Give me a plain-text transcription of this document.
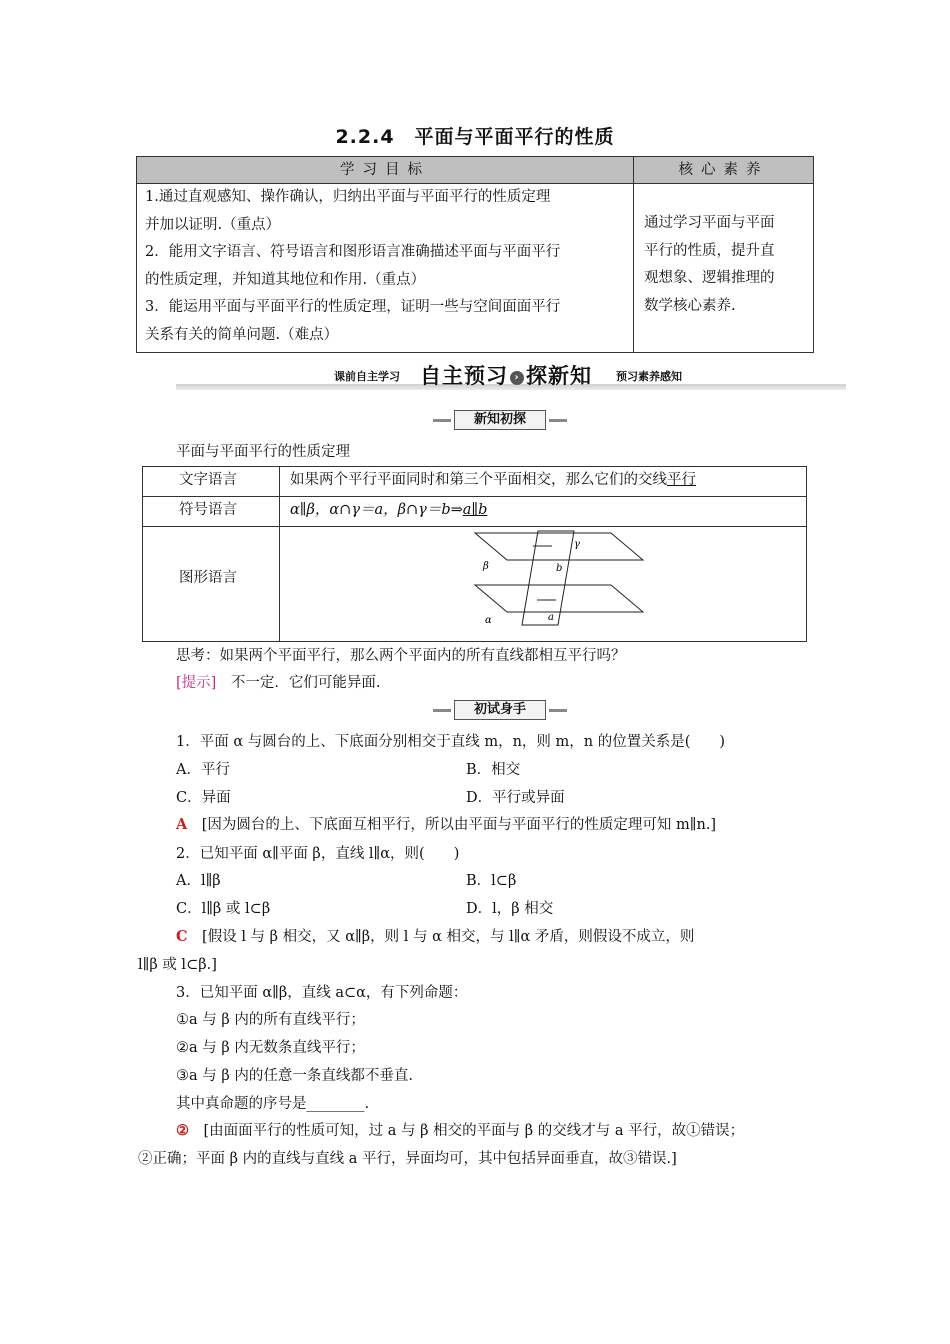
2.2.4　平面与平面平行的性质
学习目标	核心素养
1.通过直观感知、操作确认，归纳出平面与平面平行的性质定理
并加以证明.（重点）
2．能用文字语言、符号语言和图形语言准确描述平面与平面平行
的性质定理，并知道其地位和作用.（重点）
3．能运用平面与平面平行的性质定理，证明一些与空间面面平行
关系有关的简单问题.（难点）
通过学习平面与平面
平行的性质，提升直
观想象、逻辑推理的
数学核心素养.
课前自主学习 自主预习 › 探新知 预习素养感知
新知初探
平面与平面平行的性质定理
文字语言	如果两个平行平面同时和第三个平面相交，那么它们的交线平行
符号语言	α∥β，α∩γ＝a，β∩γ＝b⇒a∥b
图形语言
β
α
γ
b
a
思考：如果两个平面平行，那么两个平面内的所有直线都相互平行吗？
[提示]　 不一定．它们可能异面.
初试身手
1．平面 α 与圆台的上、下底面分别相交于直线 m，n，则 m，n 的位置关系是(　　)
A．平行	B．相交
C．异面	D．平行或异面
A　 [因为圆台的上、下底面互相平行，所以由平面与平面平行的性质定理可知 m∥n.]
2．已知平面 α∥平面 β，直线 l∥α，则(　　)
A．l∥β	B．l⊂β
C．l∥β 或 l⊂β	D．l，β 相交
C　 [假设 l 与 β 相交，又 α∥β，则 l 与 α 相交，与 l∥α 矛盾，则假设不成立，则
l∥β 或 l⊂β.]
3．已知平面 α∥β，直线 a⊂α，有下列命题：
①a 与 β 内的所有直线平行；
②a 与 β 内无数条直线平行；
③a 与 β 内的任意一条直线都不垂直.
其中真命题的序号是________.
②　 [由面面平行的性质可知，过 a 与 β 相交的平面与 β 的交线才与 a 平行，故①错误；
②正确；平面 β 内的直线与直线 a 平行，异面均可，其中包括异面垂直，故③错误.]
